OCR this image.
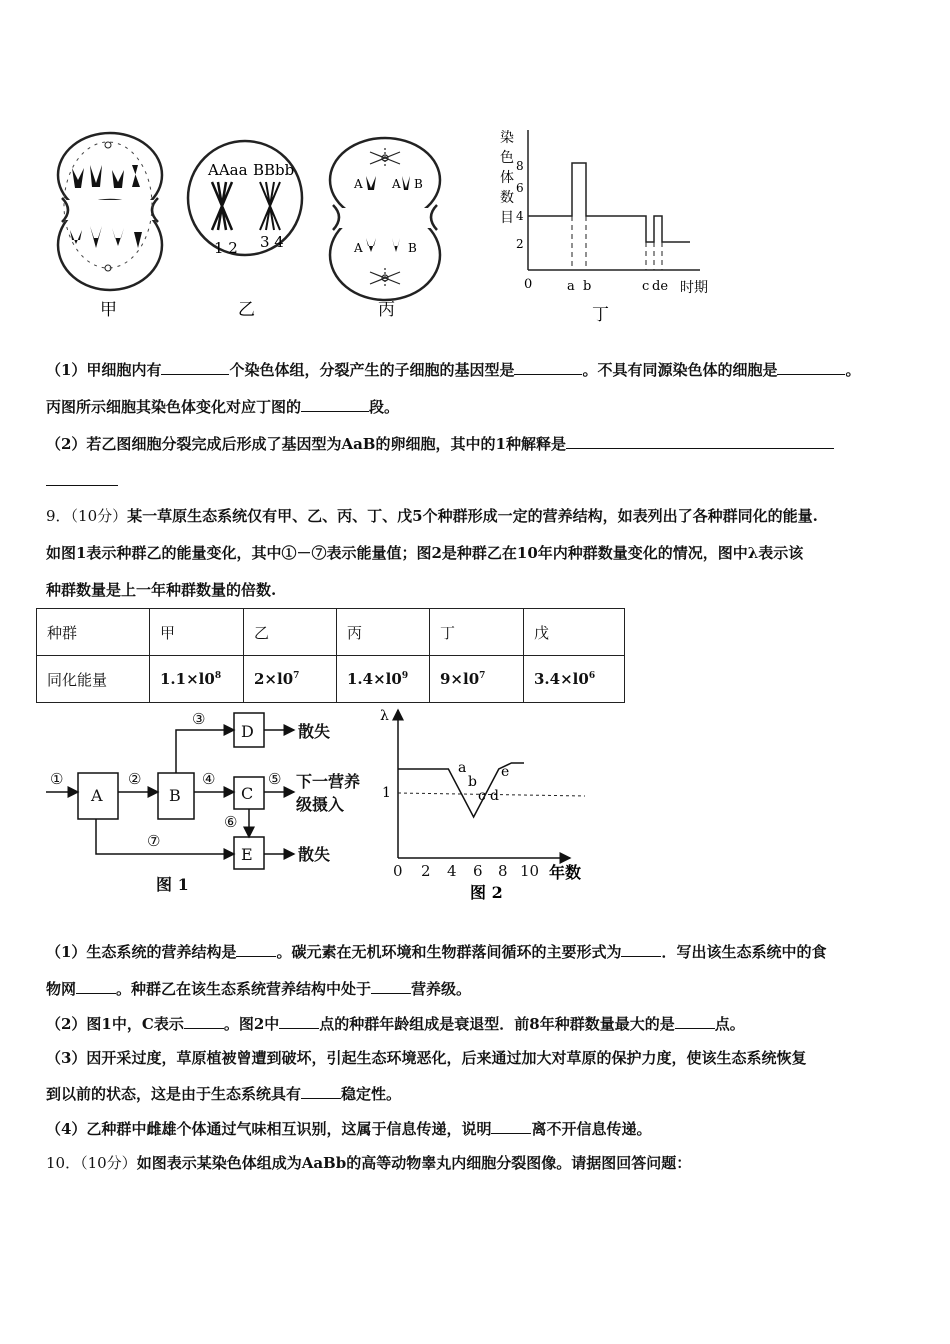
甲
AAaa BBbb
1 2 3 4
乙
A A B
A	B
丙
染
色
体
数
目
8
6
4
2
0	a b	c de 时期
丁
（1）甲细胞内有	个染色体组，分裂产生的子细胞的基因型是	。不具有同源染色体的细胞是	。
丙图所示细胞其染色体变化对应丁图的	段。
（2）若乙图细胞分裂完成后形成了基因型为AaB的卵细胞，其中的1种解释是
9．（10分）某一草原生态系统仅有甲、乙、丙、丁、戊5个种群形成一定的营养结构，如表列出了各种群同化的能量.
如图1表示种群乙的能量变化，其中①－⑦表示能量值；图2是种群乙在10年内种群数量变化的情况，图中λ表示该
种群数量是上一年种群数量的倍数.
种群	甲	乙	丙	丁	戊
同化能量	$1.1\times l0^8$	$2\times l0^7$	$1.4\times l0^9$	$9\times l0^7$	$3.4\times l0^6$
A	B
D
C
E
①	②
③
④	⑤
⑥
⑦
散失
下一营养
级摄入
散失
图 1
λ
1
a
b
c d
e
0 2 4 6 8 10 年数
图 2
（1）生态系统的营养结构是	。碳元素在无机环境和生物群落间循环的主要形式为	．写出该生态系统中的食
物网	。种群乙在该生态系统营养结构中处于	营养级。
（2）图1中，C表示	。图2中	点的种群年龄组成是衰退型．前8年种群数量最大的是	点。
（3）因开采过度，草原植被曾遭到破坏，引起生态环境恶化，后来通过加大对草原的保护力度，使该生态系统恢复
到以前的状态，这是由于生态系统具有	稳定性。
（4）乙种群中雌雄个体通过气味相互识别，这属于信息传递，说明	离不开信息传递。
10．（10分）如图表示某染色体组成为AaBb的高等动物睾丸内细胞分裂图像。请据图回答问题：
